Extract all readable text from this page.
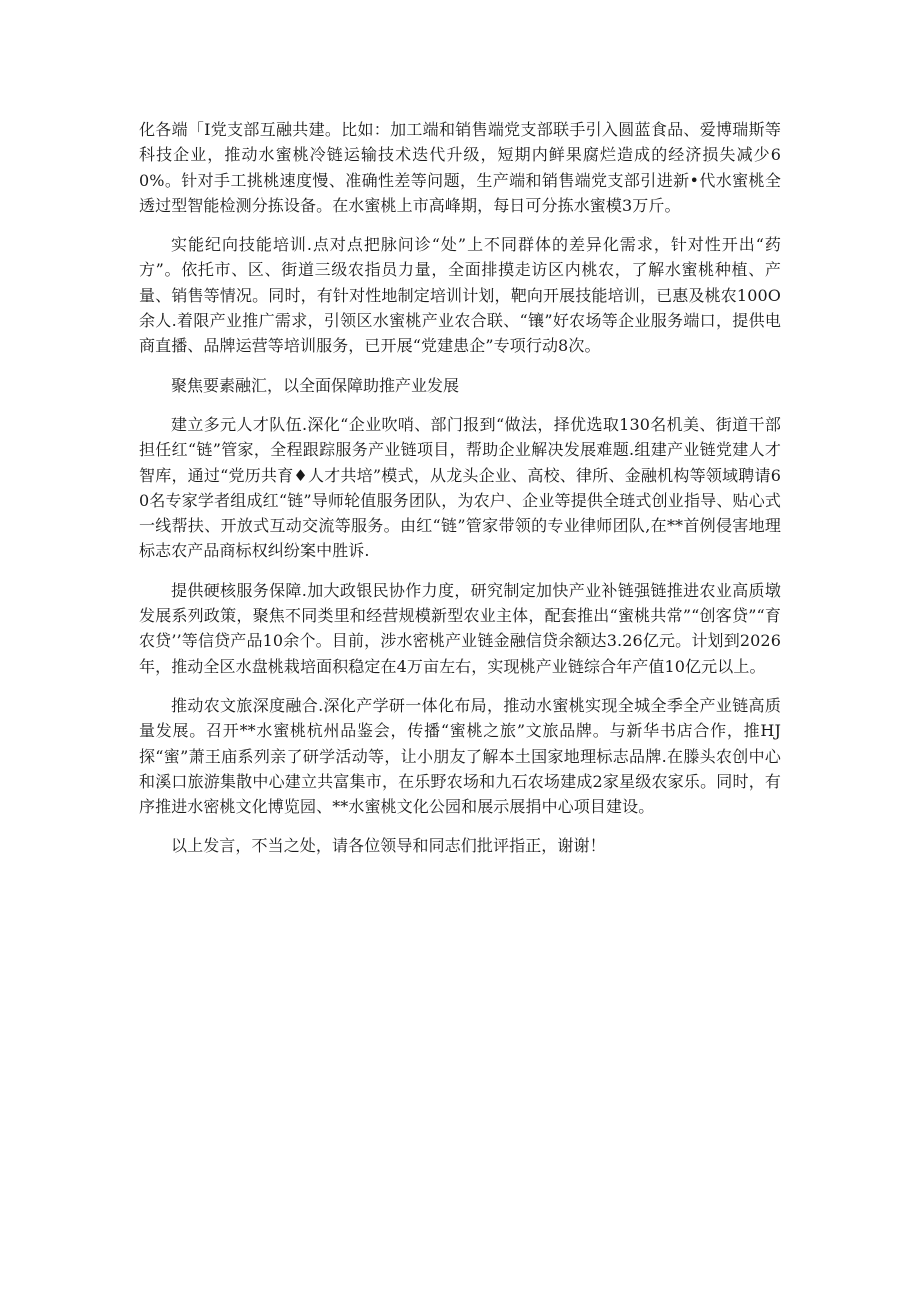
化各端「I党支部互融共建。比如：加工端和销售端党支部联手引入圆蓝食品、爱博瑞斯等科技企业，推动水蜜桃冷链运输技术迭代升级，短期内鲜果腐烂造成的经济损失减少60%。针对手工挑桃速度慢、准确性差等问题，生产端和销售端党支部引进新•代水蜜桃全透过型智能检测分拣设备。在水蜜桃上市高峰期，每日可分拣水蜜模3万斤。

实能纪向技能培训.点对点把脉问诊“处”上不同群体的差异化需求，针对性开出“药方”。依托市、区、街道三级农指员力量，全面排摸走访区内桃农，了解水蜜桃种植、产量、销售等情况。同时，有针对性地制定培训计划，靶向开展技能培训，已惠及桃农100O余人.着限产业推广需求，引领区水蜜桃产业农合联、“镶”好农场等企业服务端口，提供电商直播、品牌运营等培训服务，已开展“党建患企”专项行动8次。

聚焦要素融汇，以全面保障助推产业发展

建立多元人才队伍.深化“企业吹哨、部门报到“做法，择优选取130名机美、街道干部担任红“链”管家，全程跟踪服务产业链项目，帮助企业解决发展难题.组建产业链党建人才智库，通过“党历共育♦人才共培”模式，从龙头企业、高校、律所、金融机构等领域聘请60名专家学者组成红“链”导师轮值服务团队，为农户、企业等提供全琏式创业指导、贴心式一线帮扶、开放式互动交流等服务。由红“链”管家带领的专业律师团队,在**首例侵害地理标志农产品商标权纠纷案中胜诉.

提供硬核服务保障.加大政银民协作力度，研究制定加快产业补链强链推进农业高质墩发展系列政策，聚焦不同类里和经营规模新型农业主体，配套推出“蜜桃共常”“创客贷”“育农贷’’等信贷产品10余个。目前，涉水密桃产业链金融信贷余额达3.26亿元。计划到2026年，推动全区水盘桃栽培面积稳定在4万亩左右，实现桃产业链综合年产值10亿元以上。

推动农文旅深度融合.深化产学研一体化布局，推动水蜜桃实现全城全季全产业链高质量发展。召开**水蜜桃杭州品鉴会，传播“蜜桃之旅”文旅品牌。与新华书店合作，推HJ探“蜜”萧王庙系列亲了研学活动等，让小朋友了解本土国家地理标志品牌.在滕头农创中心和溪口旅游集散中心建立共富集市，在乐野农场和九石农场建成2家星级农家乐。同时，有序推进水密桃文化博览园、**水蜜桃文化公园和展示展捐中心项目建设。

以上发言，不当之处，请各位领导和同志们批评指正，谢谢！
